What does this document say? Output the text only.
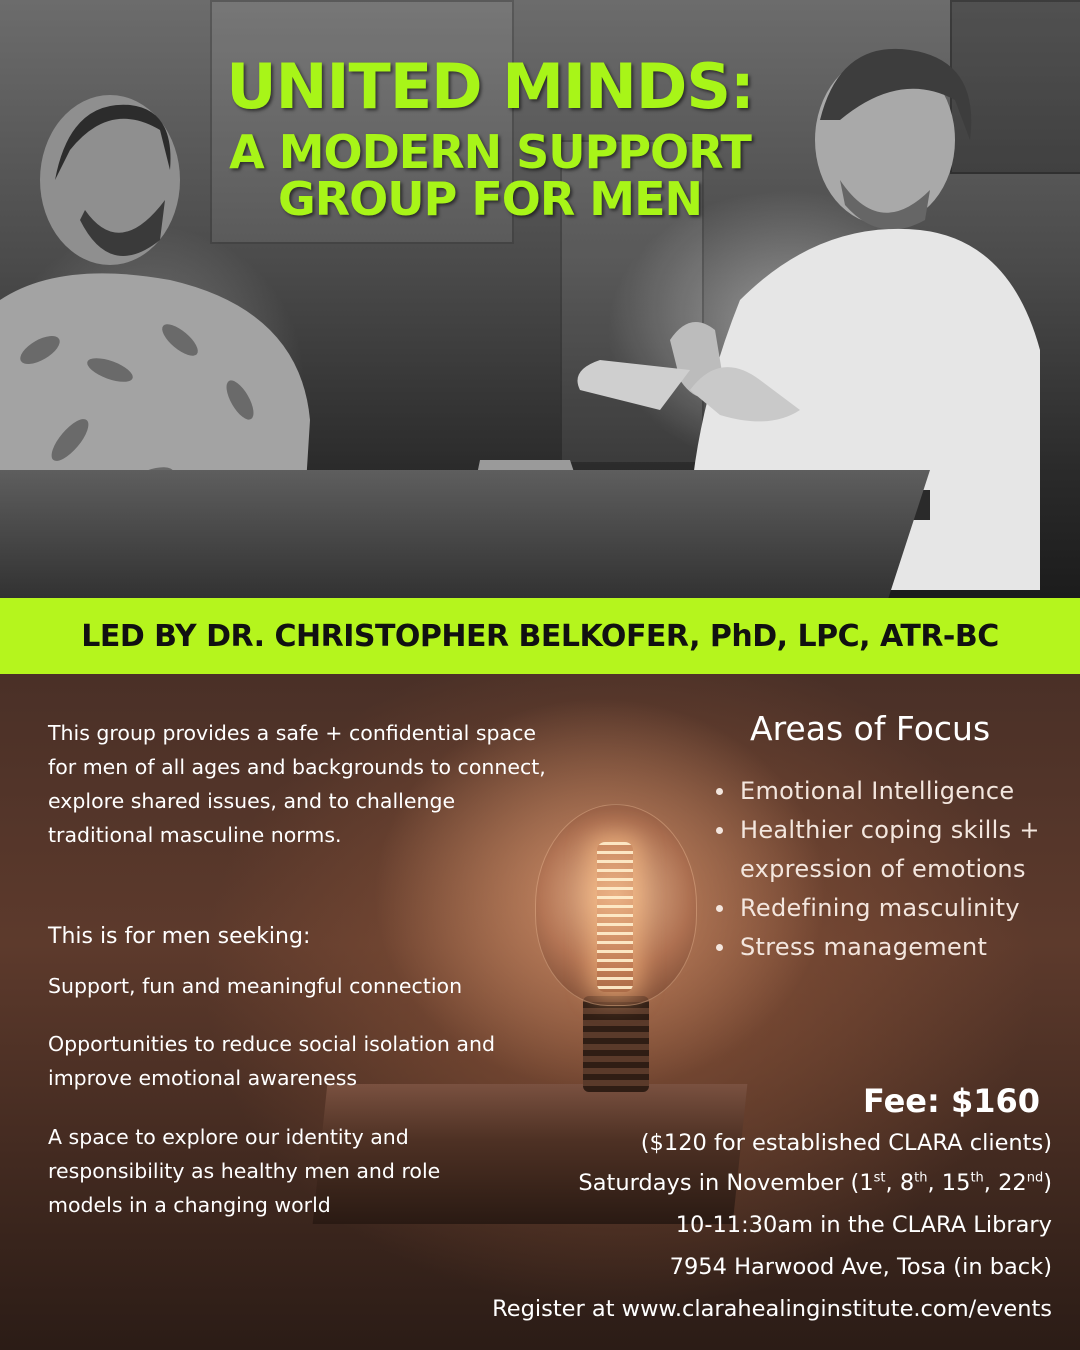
UNITED MINDS:
A MODERN SUPPORT
GROUP FOR MEN
LED BY DR. CHRISTOPHER BELKOFER, PhD, LPC, ATR-BC
This group provides a safe + confidential space for men of all ages and backgrounds to connect, explore shared issues, and to challenge traditional masculine norms.
This is for men seeking:
Support, fun and meaningful connection
Opportunities to reduce social isolation and improve emotional awareness
A space to explore our identity and responsibility as healthy men and role models in a changing world
Areas of Focus
Emotional Intelligence
Healthier coping skills + expression of emotions
Redefining masculinity
Stress management
Fee: $160
($120 for established CLARA clients)
Saturdays in November (1st, 8th, 15th, 22nd)
10-11:30am in the CLARA Library
7954 Harwood Ave, Tosa (in back)
Register at www.clarahealinginstitute.com/events
